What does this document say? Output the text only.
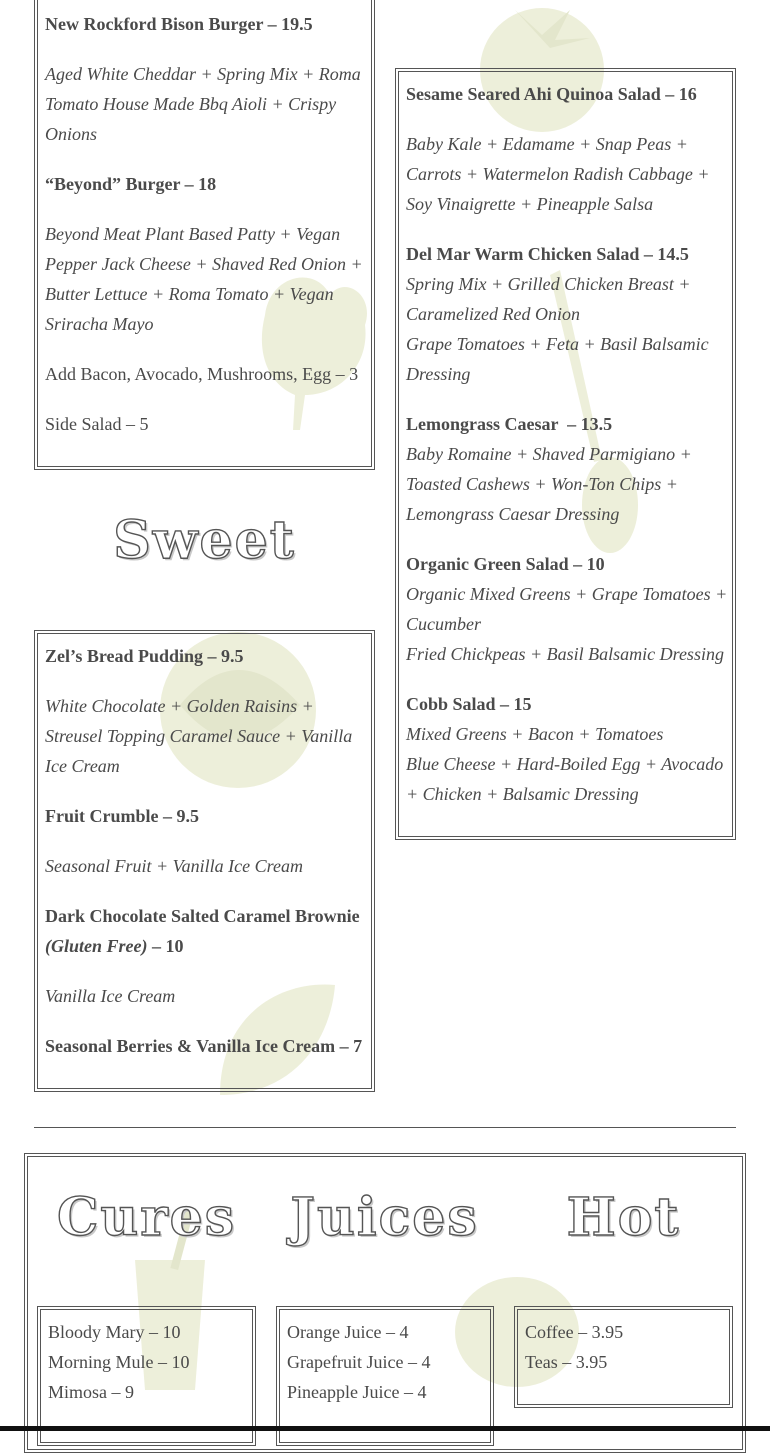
New Rockford Bison Burger – 19.5

Aged White Cheddar + Spring Mix + Roma Tomato House Made Bbq Aioli + Crispy Onions

“Beyond” Burger – 18

Beyond Meat Plant Based Patty + Vegan Pepper Jack Cheese + Shaved Red Onion + Butter Lettuce + Roma Tomato + Vegan Sriracha Mayo

Add Bacon, Avocado, Mushrooms, Egg – 3

Side Salad – 5

Sweet

Zel’s Bread Pudding – 9.5

White Chocolate + Golden Raisins + Streusel Topping Caramel Sauce + Vanilla Ice Cream

Fruit Crumble – 9.5

Seasonal Fruit + Vanilla Ice Cream

Dark Chocolate Salted Caramel Brownie (Gluten Free) – 10

Vanilla Ice Cream

Seasonal Berries & Vanilla Ice Cream – 7

Sesame Seared Ahi Quinoa Salad – 16

Baby Kale + Edamame + Snap Peas + Carrots + Watermelon Radish Cabbage + Soy Vinaigrette + Pineapple Salsa

Del Mar Warm Chicken Salad – 14.5

Spring Mix + Grilled Chicken Breast + Caramelized Red Onion

Grape Tomatoes + Feta + Basil Balsamic Dressing

Lemongrass Caesar  – 13.5

Baby Romaine + Shaved Parmigiano + Toasted Cashews + Won-Ton Chips + Lemongrass Caesar Dressing

Organic Green Salad – 10

Organic Mixed Greens + Grape Tomatoes + Cucumber

Fried Chickpeas + Basil Balsamic Dressing

Cobb Salad – 15

Mixed Greens + Bacon + Tomatoes

Blue Cheese + Hard-Boiled Egg + Avocado + Chicken + Balsamic Dressing

Cures	Juices	Hot

Bloody Mary – 10

Morning Mule – 10

Mimosa – 9

Orange Juice – 4

Grapefruit Juice – 4

Pineapple Juice – 4

Coffee – 3.95

Teas – 3.95
